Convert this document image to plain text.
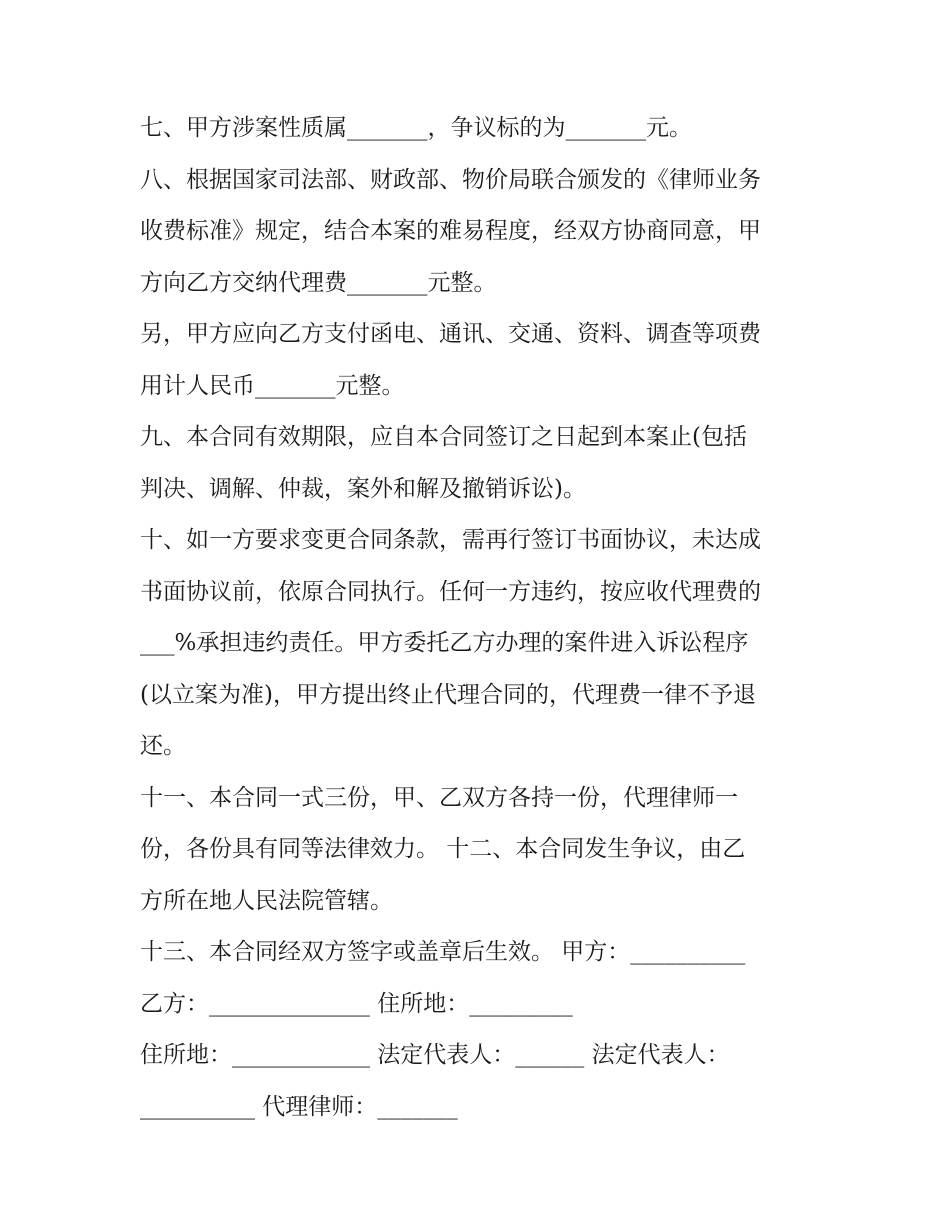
七、甲方涉案性质属_______，争议标的为_______元。
八、根据国家司法部、财政部、物价局联合颁发的《律师业务
收费标准》规定，结合本案的难易程度，经双方协商同意，甲
方向乙方交纳代理费_______元整。
另，甲方应向乙方支付函电、通讯、交通、资料、调查等项费
用计人民币_______元整。
九、本合同有效期限，应自本合同签订之日起到本案止(包括
判决、调解、仲裁，案外和解及撤销诉讼)。
十、如一方要求变更合同条款，需再行签订书面协议，未达成
书面协议前，依原合同执行。任何一方违约，按应收代理费的
___%承担违约责任。甲方委托乙方办理的案件进入诉讼程序
(以立案为准)，甲方提出终止代理合同的，代理费一律不予退
还。
十一、本合同一式三份，甲、乙双方各持一份，代理律师一
份，各份具有同等法律效力。 十二、本合同发生争议，由乙
方所在地人民法院管辖。
十三、本合同经双方签字或盖章后生效。 甲方：__________
乙方：______________ 住所地：_________
住所地：____________ 法定代表人：______ 法定代表人：
__________ 代理律师：_______
